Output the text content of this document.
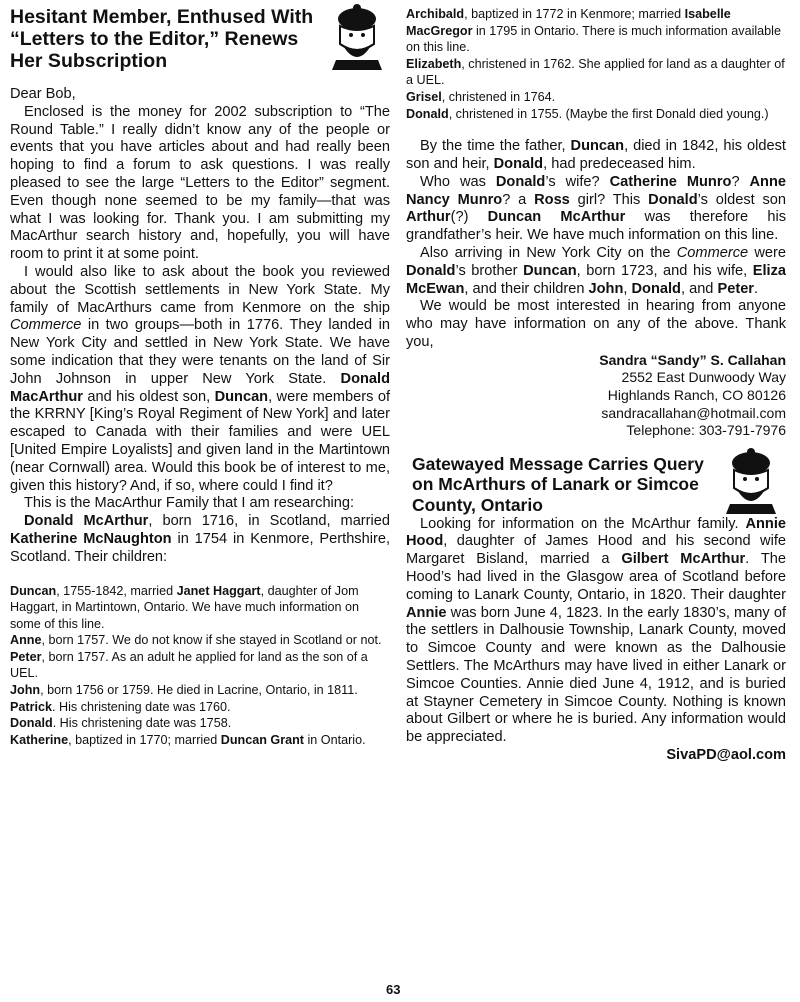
Hesitant Member, Enthused With “Letters to the Editor,” Renews Her Subscription

Dear Bob,

Enclosed is the money for 2002 subscription to “The Round Table.” I really didn’t know any of the people or events that you have articles about and had really been hoping to find a forum to ask questions. I was really pleased to see the large “Letters to the Editor” segment. Even though none seemed to be my family—that was what I was looking for. Thank you. I am submitting my MacArthur search history and, hopefully, you will have room to print it at some point.

I would also like to ask about the book you reviewed about the Scottish settlements in New York State. My family of MacArthurs came from Kenmore on the ship Commerce in two groups—both in 1776. They landed in New York City and settled in New York State. We have some indication that they were tenants on the land of Sir John Johnson in upper New York State. Donald MacArthur and his oldest son, Duncan, were members of the KRRNY [King’s Royal Regiment of New York] and later escaped to Canada with their families and were UEL [United Empire Loyalists] and given land in the Martintown (near Cornwall) area. Would this book be of interest to me, given this history? And, if so, where could I find it?

This is the MacArthur Family that I am researching:

Donald McArthur, born 1716, in Scotland, married Katherine McNaughton in 1754 in Kenmore, Perthshire, Scotland. Their children:

Duncan, 1755-1842, married Janet Haggart, daughter of Jom Haggart, in Martintown, Ontario. We have much information on some of this line.

Anne, born 1757. We do not know if she stayed in Scotland or not.

Peter, born 1757. As an adult he applied for land as the son of a UEL.

John, born 1756 or 1759. He died in Lacrine, Ontario, in 1811.

Patrick. His christening date was 1760.

Donald. His christening date was 1758.

Katherine, baptized in 1770; married Duncan Grant in Ontario.

Archibald, baptized in 1772 in Kenmore; married Isabelle MacGregor in 1795 in Ontario. There is much information available on this line.

Elizabeth, christened in 1762. She applied for land as a daughter of a UEL.

Grisel, christened in 1764.

Donald, christened in 1755. (Maybe the first Donald died young.)

By the time the father, Duncan, died in 1842, his oldest son and heir, Donald, had predeceased him.

Who was Donald’s wife? Catherine Munro? Anne Nancy Munro? a Ross girl? This Donald’s oldest son Arthur(?) Duncan McArthur was therefore his grandfather’s heir. We have much information on this line.

Also arriving in New York City on the Commerce were Donald’s brother Duncan, born 1723, and his wife, Eliza McEwan, and their children John, Donald, and Peter.

We would be most interested in hearing from anyone who may have information on any of the above. Thank you,

Sandra “Sandy” S. Callahan
2552 East Dunwoody Way
Highlands Ranch, CO 80126
sandracallahan@hotmail.com
Telephone: 303-791-7976
Gatewayed Message Carries Query on McArthurs of Lanark or Simcoe County, Ontario

Looking for information on the McArthur family. Annie Hood, daughter of James Hood and his second wife Margaret Bisland, married a Gilbert McArthur. The Hood’s had lived in the Glasgow area of Scotland before coming to Lanark County, Ontario, in 1820. Their daughter Annie was born June 4, 1823. In the early 1830’s, many of the settlers in Dalhousie Township, Lanark County, moved to Simcoe County and were known as the Dalhousie Settlers. The McArthurs may have lived in either Lanark or Simcoe Counties. Annie died June 4, 1912, and is buried at Stayner Cemetery in Simcoe County. Nothing is known about Gilbert or where he is buried. Any information would be appreciated.

SivaPD@aol.com
63
